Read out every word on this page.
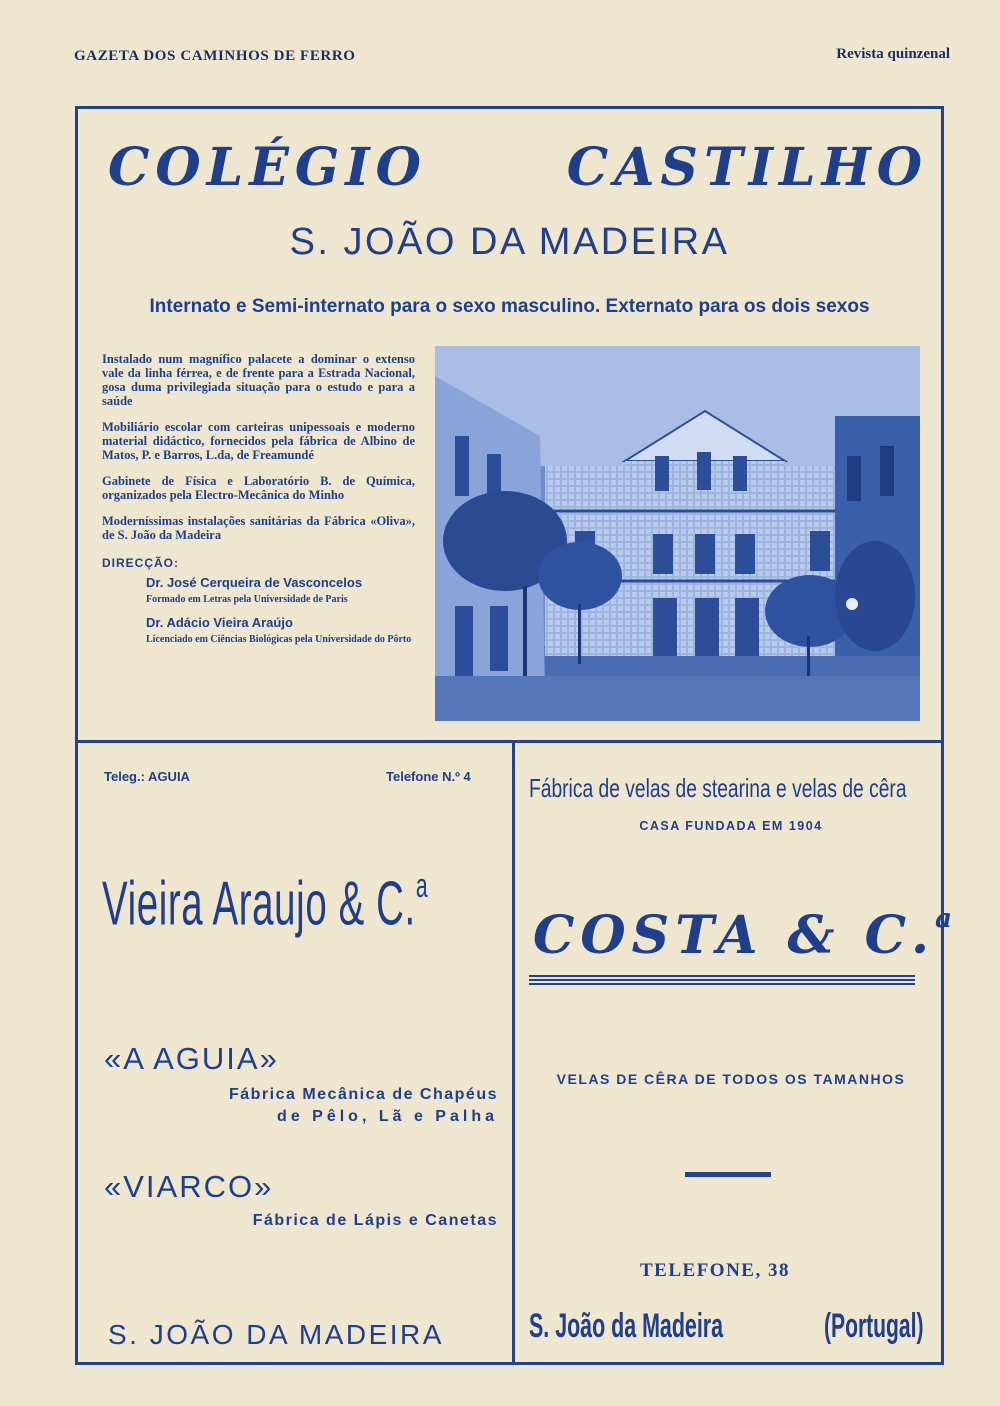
GAZETA DOS CAMINHOS DE FERRO	Revista quinzenal
COLÉGIO	CASTILHO
S. JOÃO DA MADEIRA
Internato e Semi-internato para o sexo masculino. Externato para os dois sexos

Instalado num magnífico palacete a dominar o extenso vale da linha férrea, e de frente para a Estrada Nacional, gosa duma privilegiada situação para o estudo e para a saúde

Mobiliário escolar com carteiras unipessoais e moderno material didáctico, fornecidos pela fábrica de Albino de Matos, P. e Barros, L.da, de Freamundé

Gabinete de Física e Laboratório B. de Química, organizados pela Electro-Mecânica do Minho

Moderníssimas instalações sanitárias da Fábrica «Oliva», de S. João da Madeira

DIRECÇÃO:
Dr. José Cerqueira de Vasconcelos
Formado em Letras pela Universidade de Paris
Dr. Adácio Vieira Araújo
Licenciado em Ciências Biológicas pela Universidade do Pôrto
Teleg.: AGUIA	Telefone N.º 4
Vieira Araujo & C.$^a$
«A AGUIA»
Fábrica Mecânica de Chapéus
de Pêlo, Lã e Palha
«VIARCO»
Fábrica de Lápis e Canetas
S. JOÃO DA MADEIRA
Fábrica de velas de stearina e velas de cêra
CASA FUNDADA EM 1904
COSTA & C.$^a$
VELAS DE CÊRA DE TODOS OS TAMANHOS
TELEFONE, 38
S. João da Madeira	(Portugal)
